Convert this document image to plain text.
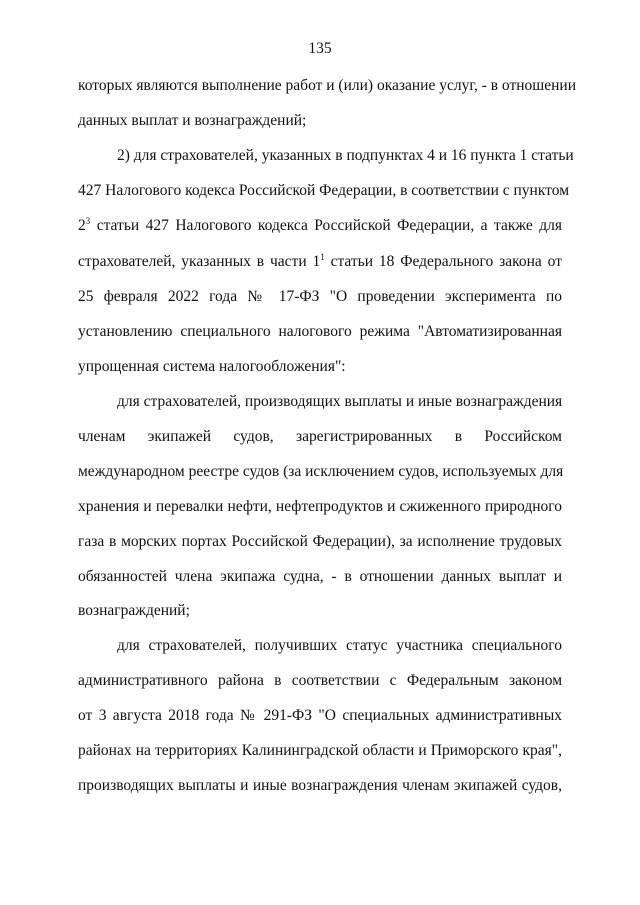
135
которых являются выполнение работ и (или) оказание услуг, - в отношении
данных выплат и вознаграждений;
2) для страхователей, указанных в подпунктах 4 и 16 пункта 1 статьи
427 Налогового кодекса Российской Федерации, в соответствии с пунктом
$2^3$ статьи 427 Налогового кодекса Российской Федерации, а также для
страхователей, указанных в части $1^1$ статьи 18 Федерального закона от
25 февраля 2022 года № 17-ФЗ "О проведении эксперимента по
установлению специального налогового режима "Автоматизированная
упрощенная система налогообложения":
для страхователей, производящих выплаты и иные вознаграждения
членам экипажей судов, зарегистрированных в Российском
международном реестре судов (за исключением судов, используемых для
хранения и перевалки нефти, нефтепродуктов и сжиженного природного
газа в морских портах Российской Федерации), за исполнение трудовых
обязанностей члена экипажа судна, - в отношении данных выплат и
вознаграждений;
для страхователей, получивших статус участника специального
административного района в соответствии с Федеральным законом
от 3 августа 2018 года № 291-ФЗ "О специальных административных
районах на территориях Калининградской области и Приморского края",
производящих выплаты и иные вознаграждения членам экипажей судов,
